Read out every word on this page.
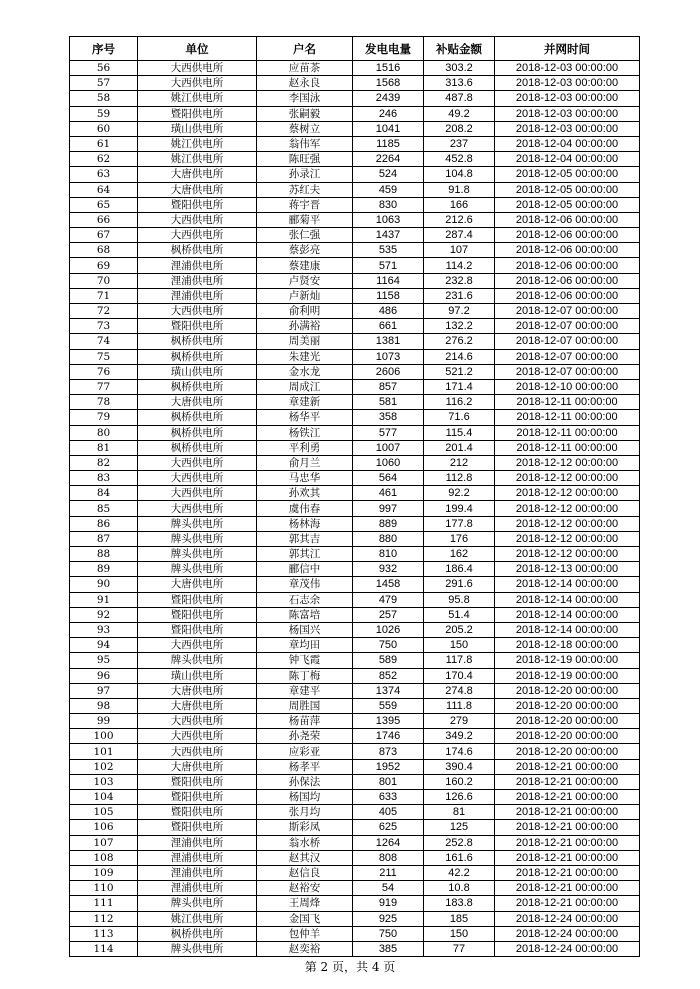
序号	单位	户名	发电电量	补贴金额	并网时间
56	大西供电所	应苗茶	1516	303.2	2018-12-03 00:00:00
57	大西供电所	赵永良	1568	313.6	2018-12-03 00:00:00
58	姚江供电所	李国泳	2439	487.8	2018-12-03 00:00:00
59	暨阳供电所	张嗣毅	246	49.2	2018-12-03 00:00:00
60	璜山供电所	蔡树立	1041	208.2	2018-12-03 00:00:00
61	姚江供电所	翁伟军	1185	237	2018-12-04 00:00:00
62	姚江供电所	陈旺强	2264	452.8	2018-12-04 00:00:00
63	大唐供电所	孙录江	524	104.8	2018-12-05 00:00:00
64	大唐供电所	苏红夫	459	91.8	2018-12-05 00:00:00
65	暨阳供电所	蒋宇晋	830	166	2018-12-05 00:00:00
66	大西供电所	郦菊平	1063	212.6	2018-12-06 00:00:00
67	大西供电所	张仁强	1437	287.4	2018-12-06 00:00:00
68	枫桥供电所	蔡彭亮	535	107	2018-12-06 00:00:00
69	浬浦供电所	蔡建康	571	114.2	2018-12-06 00:00:00
70	浬浦供电所	卢贤安	1164	232.8	2018-12-06 00:00:00
71	浬浦供电所	卢新灿	1158	231.6	2018-12-06 00:00:00
72	大西供电所	俞利明	486	97.2	2018-12-07 00:00:00
73	暨阳供电所	孙满裕	661	132.2	2018-12-07 00:00:00
74	枫桥供电所	周美丽	1381	276.2	2018-12-07 00:00:00
75	枫桥供电所	朱建光	1073	214.6	2018-12-07 00:00:00
76	璜山供电所	金水龙	2606	521.2	2018-12-07 00:00:00
77	枫桥供电所	周成江	857	171.4	2018-12-10 00:00:00
78	大唐供电所	章建新	581	116.2	2018-12-11 00:00:00
79	枫桥供电所	杨华平	358	71.6	2018-12-11 00:00:00
80	枫桥供电所	杨铁江	577	115.4	2018-12-11 00:00:00
81	枫桥供电所	平利勇	1007	201.4	2018-12-11 00:00:00
82	大西供电所	俞月兰	1060	212	2018-12-12 00:00:00
83	大西供电所	马忠华	564	112.8	2018-12-12 00:00:00
84	大西供电所	孙欢其	461	92.2	2018-12-12 00:00:00
85	大西供电所	虞伟春	997	199.4	2018-12-12 00:00:00
86	牌头供电所	杨林海	889	177.8	2018-12-12 00:00:00
87	牌头供电所	郭其吉	880	176	2018-12-12 00:00:00
88	牌头供电所	郭其江	810	162	2018-12-12 00:00:00
89	牌头供电所	郦信中	932	186.4	2018-12-13 00:00:00
90	大唐供电所	章茂伟	1458	291.6	2018-12-14 00:00:00
91	暨阳供电所	石志余	479	95.8	2018-12-14 00:00:00
92	暨阳供电所	陈富培	257	51.4	2018-12-14 00:00:00
93	暨阳供电所	杨国兴	1026	205.2	2018-12-14 00:00:00
94	大西供电所	章均田	750	150	2018-12-18 00:00:00
95	牌头供电所	钟飞霞	589	117.8	2018-12-19 00:00:00
96	璜山供电所	陈丁梅	852	170.4	2018-12-19 00:00:00
97	大唐供电所	章建平	1374	274.8	2018-12-20 00:00:00
98	大唐供电所	周胜国	559	111.8	2018-12-20 00:00:00
99	大西供电所	杨苗萍	1395	279	2018-12-20 00:00:00
100	大西供电所	孙尧荣	1746	349.2	2018-12-20 00:00:00
101	大西供电所	应彩亚	873	174.6	2018-12-20 00:00:00
102	大唐供电所	杨孝平	1952	390.4	2018-12-21 00:00:00
103	暨阳供电所	孙保法	801	160.2	2018-12-21 00:00:00
104	暨阳供电所	杨国均	633	126.6	2018-12-21 00:00:00
105	暨阳供电所	张月均	405	81	2018-12-21 00:00:00
106	暨阳供电所	斯彩凤	625	125	2018-12-21 00:00:00
107	浬浦供电所	翁水桥	1264	252.8	2018-12-21 00:00:00
108	浬浦供电所	赵其汉	808	161.6	2018-12-21 00:00:00
109	浬浦供电所	赵信良	211	42.2	2018-12-21 00:00:00
110	浬浦供电所	赵裕安	54	10.8	2018-12-21 00:00:00
111	牌头供电所	王周烽	919	183.8	2018-12-21 00:00:00
112	姚江供电所	金国飞	925	185	2018-12-24 00:00:00
113	枫桥供电所	包仲羊	750	150	2018-12-24 00:00:00
114	牌头供电所	赵奕裕	385	77	2018-12-24 00:00:00
第 2 页，共 4 页
